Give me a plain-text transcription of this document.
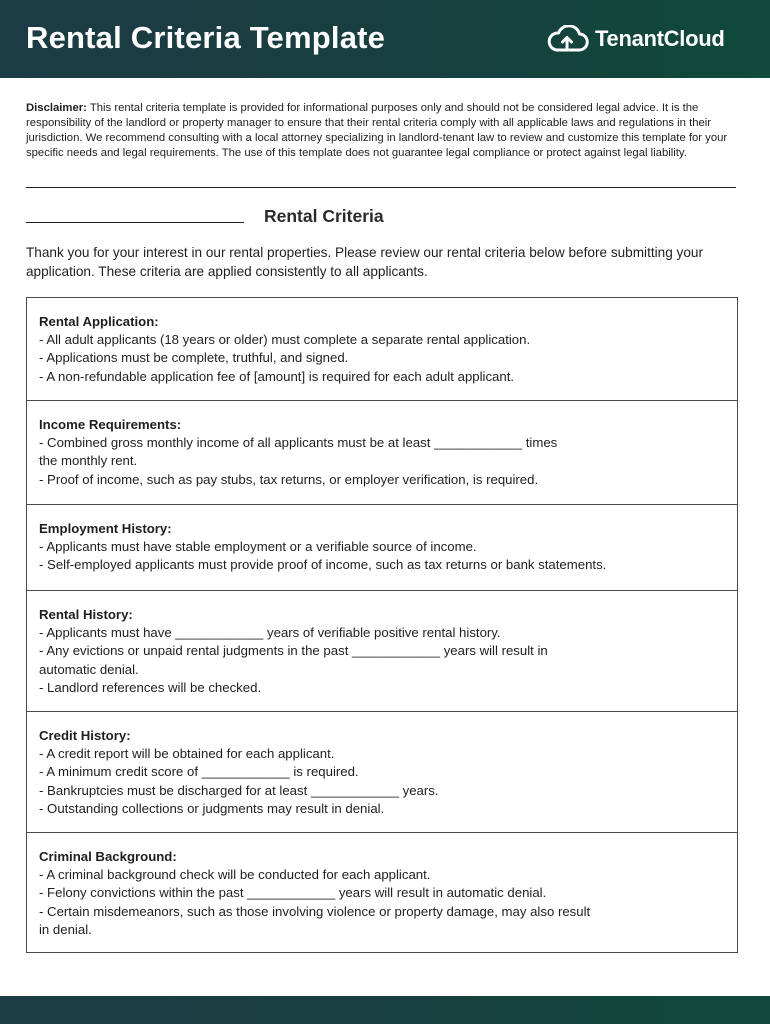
Rental Criteria Template	TenantCloud
Disclaimer: This rental criteria template is provided for informational purposes only and should not be considered legal advice. It is the responsibility of the landlord or property manager to ensure that their rental criteria comply with all applicable laws and regulations in their jurisdiction. We recommend consulting with a local attorney specializing in landlord-tenant law to review and customize this template for your specific needs and legal requirements. The use of this template does not guarantee legal compliance or protect against legal liability.
Rental Criteria
Thank you for your interest in our rental properties. Please review our rental criteria below before submitting your application. These criteria are applied consistently to all applicants.
Rental Application:
- All adult applicants (18 years or older) must complete a separate rental application.
- Applications must be complete, truthful, and signed.
- A non-refundable application fee of [amount] is required for each adult applicant.
Income Requirements:
- Combined gross monthly income of all applicants must be at least ____________ times
the monthly rent.
- Proof of income, such as pay stubs, tax returns, or employer verification, is required.
Employment History:
- Applicants must have stable employment or a verifiable source of income.
- Self-employed applicants must provide proof of income, such as tax returns or bank statements.
Rental History:
- Applicants must have ____________ years of verifiable positive rental history.
- Any evictions or unpaid rental judgments in the past ____________ years will result in
automatic denial.
- Landlord references will be checked.
Credit History:
- A credit report will be obtained for each applicant.
- A minimum credit score of ____________ is required.
- Bankruptcies must be discharged for at least ____________ years.
- Outstanding collections or judgments may result in denial.
Criminal Background:
- A criminal background check will be conducted for each applicant.
- Felony convictions within the past ____________ years will result in automatic denial.
- Certain misdemeanors, such as those involving violence or property damage, may also result
in denial.
